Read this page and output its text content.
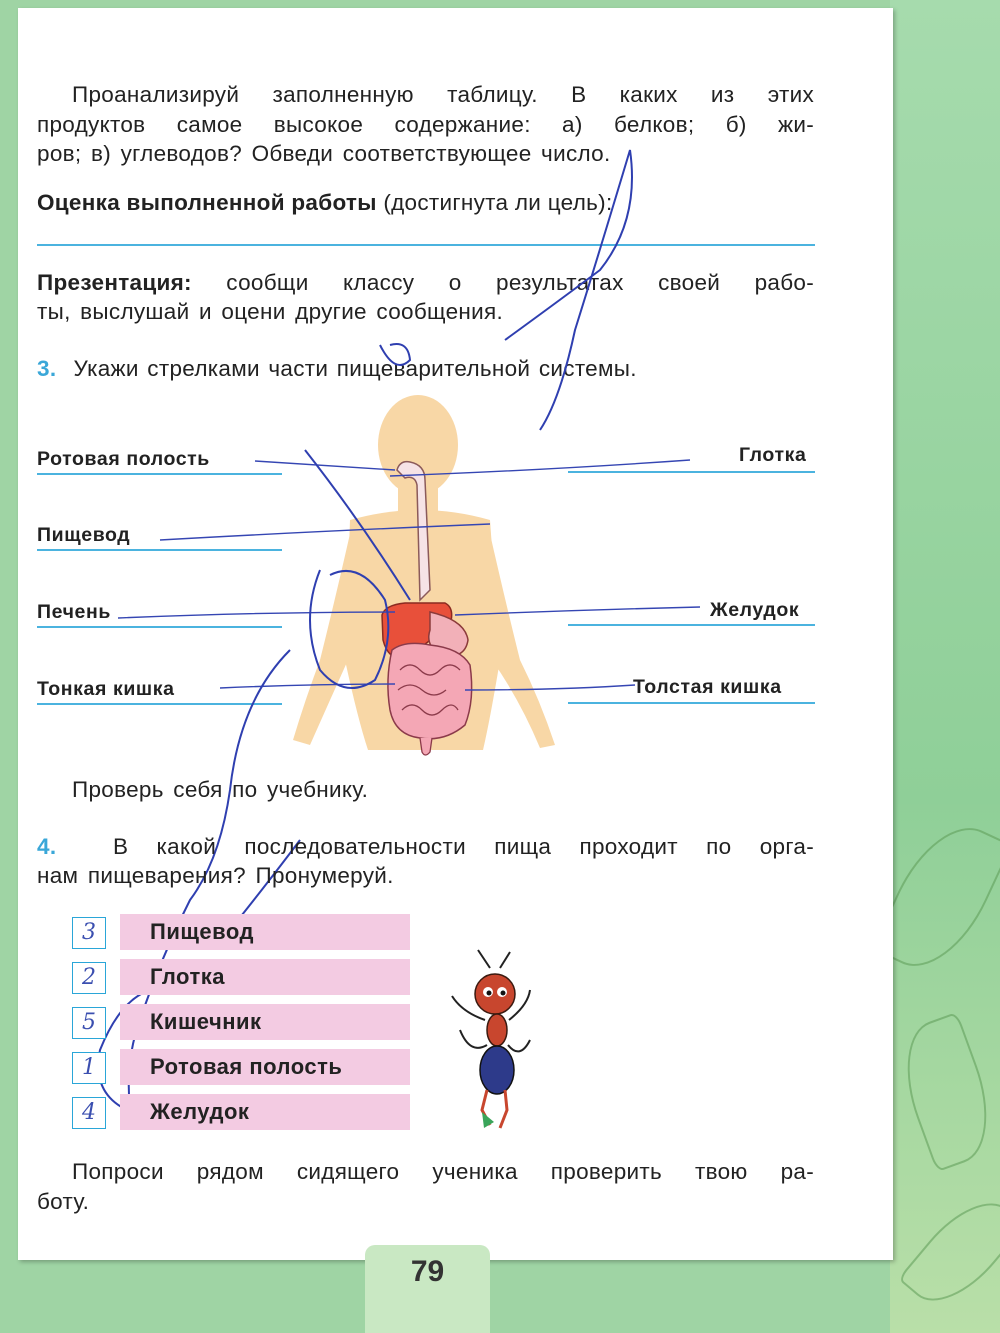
Проанализируй заполненную таблицу. В каких из этих
продуктов самое высокое содержание: а) белков; б) жи-
ров; в) углеводов? Обведи соответствующее число.
Оценка выполненной работы (достигнута ли цель):
Презентация: сообщи классу о результатах своей рабо-
ты, выслушай и оцени другие сообщения.
3. Укажи стрелками части пищеварительной системы.
Ротовая полость
Пищевод
Печень
Тонкая кишка
Глотка
Желудок
Толстая кишка
Проверь себя по учебнику.
4.	В какой последовательности пища проходит по орга-
нам пищеварения? Пронумеруй.
3	Пищевод
2	Глотка
5	Кишечник
1	Ротовая полость
4	Желудок
Попроси рядом сидящего ученика проверить твою ра-
боту.
79
